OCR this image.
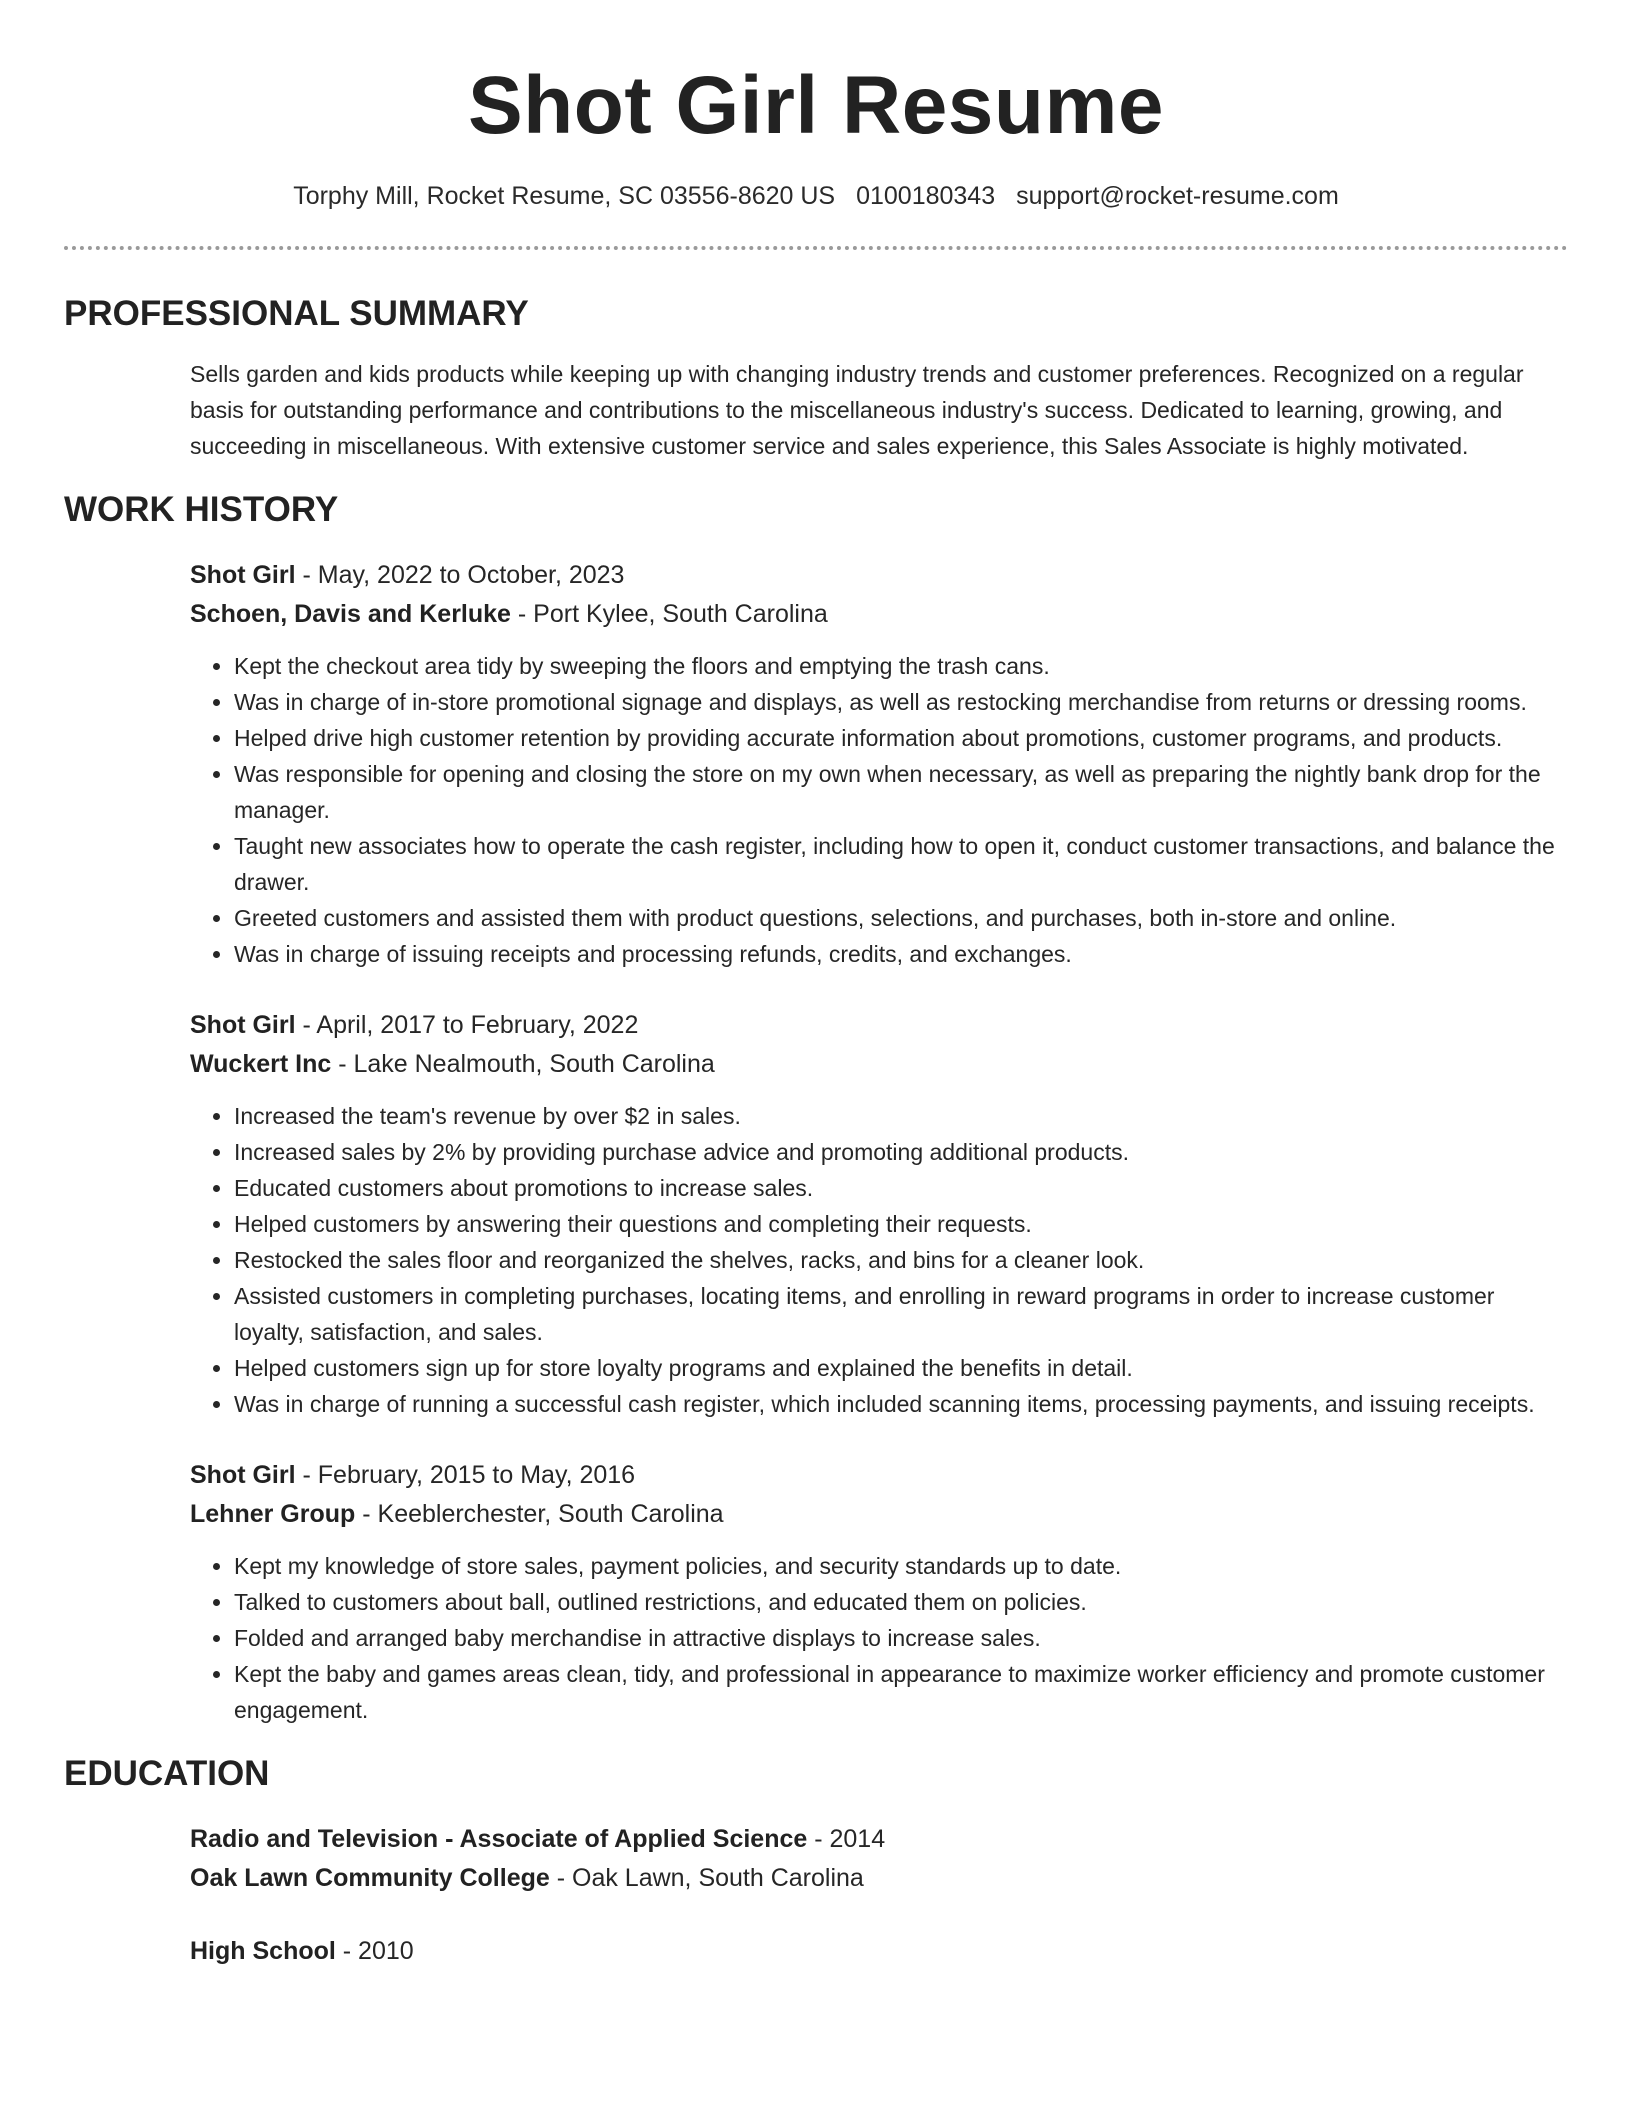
Shot Girl Resume
Torphy Mill, Rocket Resume, SC 03556-8620 US 0100180343 support@rocket-resume.com
PROFESSIONAL SUMMARY
Sells garden and kids products while keeping up with changing industry trends and customer preferences. Recognized on a regular basis for outstanding performance and contributions to the miscellaneous industry's success. Dedicated to learning, growing, and succeeding in miscellaneous. With extensive customer service and sales experience, this Sales Associate is highly motivated.
WORK HISTORY
Shot Girl - May, 2022 to October, 2023
Schoen, Davis and Kerluke - Port Kylee, South Carolina
• Kept the checkout area tidy by sweeping the floors and emptying the trash cans.
• Was in charge of in-store promotional signage and displays, as well as restocking merchandise from returns or dressing rooms.
• Helped drive high customer retention by providing accurate information about promotions, customer programs, and products.
• Was responsible for opening and closing the store on my own when necessary, as well as preparing the nightly bank drop for the manager.
• Taught new associates how to operate the cash register, including how to open it, conduct customer transactions, and balance the drawer.
• Greeted customers and assisted them with product questions, selections, and purchases, both in-store and online.
• Was in charge of issuing receipts and processing refunds, credits, and exchanges.
Shot Girl - April, 2017 to February, 2022
Wuckert Inc - Lake Nealmouth, South Carolina
• Increased the team's revenue by over $2 in sales.
• Increased sales by 2% by providing purchase advice and promoting additional products.
• Educated customers about promotions to increase sales.
• Helped customers by answering their questions and completing their requests.
• Restocked the sales floor and reorganized the shelves, racks, and bins for a cleaner look.
• Assisted customers in completing purchases, locating items, and enrolling in reward programs in order to increase customer loyalty, satisfaction, and sales.
• Helped customers sign up for store loyalty programs and explained the benefits in detail.
• Was in charge of running a successful cash register, which included scanning items, processing payments, and issuing receipts.
Shot Girl - February, 2015 to May, 2016
Lehner Group - Keeblerchester, South Carolina
• Kept my knowledge of store sales, payment policies, and security standards up to date.
• Talked to customers about ball, outlined restrictions, and educated them on policies.
• Folded and arranged baby merchandise in attractive displays to increase sales.
• Kept the baby and games areas clean, tidy, and professional in appearance to maximize worker efficiency and promote customer engagement.
EDUCATION
Radio and Television - Associate of Applied Science - 2014
Oak Lawn Community College - Oak Lawn, South Carolina
High School - 2010
